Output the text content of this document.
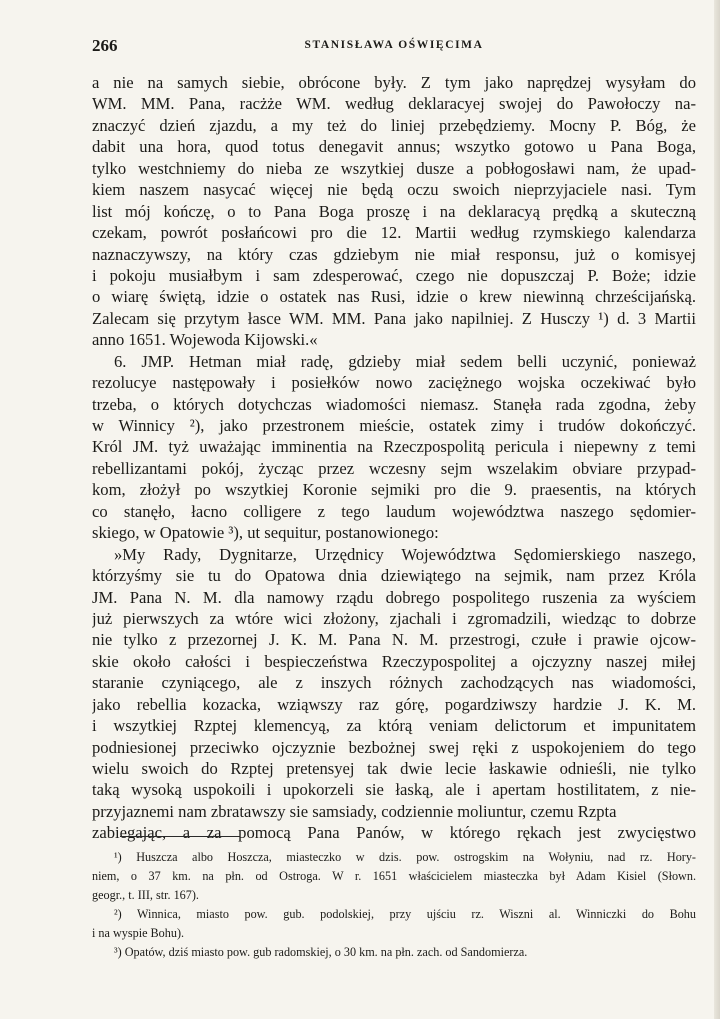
266	STANISŁAWA OŚWIĘCIMA
a nie na samych siebie, obrócone były. Z tym jako naprędzej wysyłam do
WM. MM. Pana, racżże WM. według deklaracyej swojej do Pawołoczy na-
znaczyć dzień zjazdu, a my też do liniej przebędziemy. Mocny P. Bóg, że
dabit una hora, quod totus denegavit annus; wszytko gotowo u Pana Boga,
tylko westchniemy do nieba ze wszytkiej dusze a pobłogosławi nam, że upad-
kiem naszem nasycać więcej nie będą oczu swoich nieprzyjaciele nasi. Tym
list mój kończę, o to Pana Boga proszę i na deklaracyą prędką a skuteczną
czekam, powrót posłańcowi pro die 12. Martii według rzymskiego kalendarza
naznaczywszy, na który czas gdziebym nie miał responsu, już o komisyej
i pokoju musiałbym i sam zdesperować, czego nie dopuszczaj P. Boże; idzie
o wiarę świętą, idzie o ostatek nas Rusi, idzie o krew niewinną chrześcijańską.
Zalecam się przytym łasce WM. MM. Pana jako napilniej. Z Husczy ¹) d. 3 Martii
anno 1651. Wojewoda Kijowski.«
6. JMP. Hetman miał radę, gdzieby miał sedem belli uczynić, ponieważ
rezolucye następowały i posiełków nowo zaciężnego wojska oczekiwać było
trzeba, o których dotychczas wiadomości niemasz. Stanęła rada zgodna, żeby
w Winnicy ²), jako przestronem mieście, ostatek zimy i trudów dokończyć.
Król JM. tyż uważając imminentia na Rzeczpospolitą pericula i niepewny z temi
rebellizantami pokój, życząc przez wczesny sejm wszelakim obviare przypad-
kom, złożył po wszytkiej Koronie sejmiki pro die 9. praesentis, na których
co stanęło, łacno colligere z tego laudum województwa naszego sędomier-
skiego, w Opatowie ³), ut sequitur, postanowionego:
»My Rady, Dygnitarze, Urzędnicy Województwa Sędomierskiego naszego,
którzyśmy sie tu do Opatowa dnia dziewiątego na sejmik, nam przez Króla
JM. Pana N. M. dla namowy rządu dobrego pospolitego ruszenia za wyściem
już pierwszych za wtóre wici złożony, zjachali i zgromadzili, wiedząc to dobrze
nie tylko z przezornej J. K. M. Pana N. M. przestrogi, czułe i prawie ojcow-
skie około całości i bespieczeństwa Rzeczypospolitej a ojczyzny naszej miłej
staranie czyniącego, ale z inszych różnych zachodzących nas wiadomości,
jako rebellia kozacka, wziąwszy raz górę, pogardziwszy hardzie J. K. M.
i wszytkiej Rzptej klemencyą, za którą veniam delictorum et impunitatem
podniesionej przeciwko ojczyznie bezbożnej swej ręki z uspokojeniem do tego
wielu swoich do Rzptej pretensyej tak dwie lecie łaskawie odnieśli, nie tylko
taką wysoką uspokoili i upokorzeli sie łaską, ale i apertam hostilitatem, z nie-
przyjaznemi nam zbratawszy sie samsiady, codziennie moliuntur, czemu Rzpta
zabiegając, a za pomocą Pana Panów, w którego rękach jest zwycięstwo
¹) Huszcza albo Hoszcza, miasteczko w dzis. pow. ostrogskim na Wołyniu, nad rz. Hory-
niem, o 37 km. na płn. od Ostroga. W r. 1651 właścicielem miasteczka był Adam Kisiel (Słown.
geogr., t. III, str. 167).
²) Winnica, miasto pow. gub. podolskiej, przy ujściu rz. Wiszni al. Winniczki do Bohu
i na wyspie Bohu).
³) Opatów, dziś miasto pow. gub radomskiej, o 30 km. na płn. zach. od Sandomierza.
